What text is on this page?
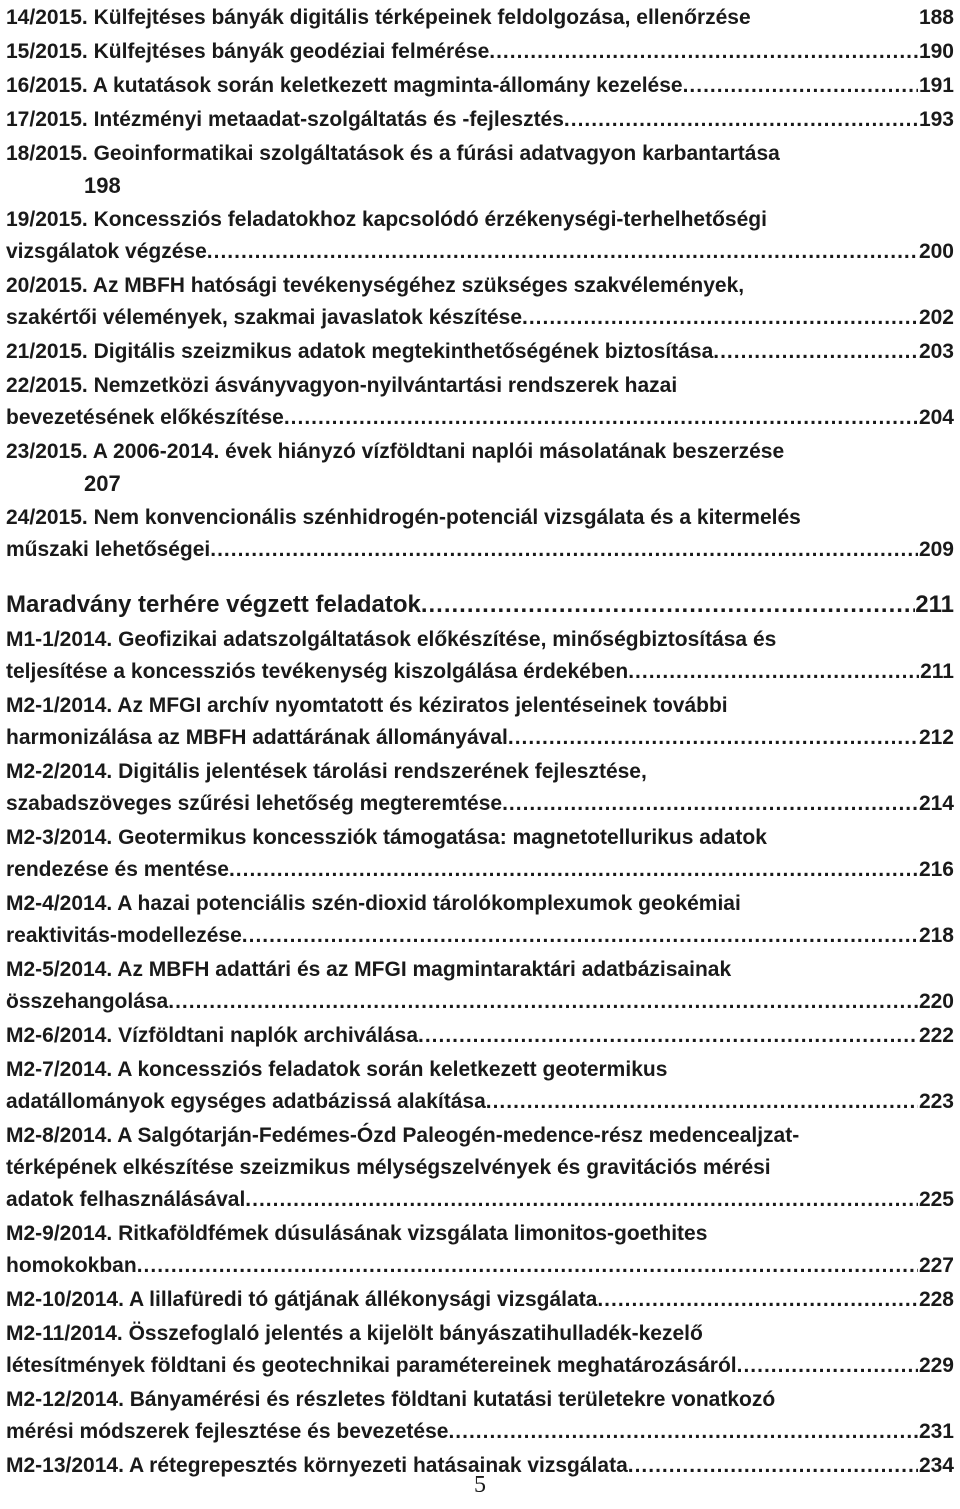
14/2015. Külfejtéses bányák digitális térképeinek feldolgozása, ellenőrzése	188
15/2015. Külfejtéses bányák geodéziai felmérése .....	190
16/2015. A kutatások során keletkezett magminta-állomány kezelése .....	191
17/2015. Intézményi metaadat-szolgáltatás és -fejlesztés .....	193
18/2015. Geoinformatikai szolgáltatások és a fúrási adatvagyon karbantartása
198
19/2015. Koncessziós feladatokhoz kapcsolódó érzékenységi-terhelhetőségi
vizsgálatok végzése .....	200
20/2015. Az MBFH hatósági tevékenységéhez szükséges szakvélemények,
szakértői vélemények, szakmai javaslatok készítése .....	202
21/2015. Digitális szeizmikus adatok megtekinthetőségének biztosítása .....	203
22/2015. Nemzetközi ásványvagyon-nyilvántartási rendszerek hazai
bevezetésének előkészítése .....	204
23/2015. A 2006-2014. évek hiányzó vízföldtani naplói másolatának beszerzése
207
24/2015. Nem konvencionális szénhidrogén-potenciál vizsgálata és a kitermelés
műszaki lehetőségei .....	209
Maradvány terhére végzett feladatok .....	211
M1-1/2014. Geofizikai adatszolgáltatások előkészítése, minőségbiztosítása és
teljesítése a koncessziós tevékenység kiszolgálása érdekében .....	211
M2-1/2014. Az MFGI archív nyomtatott és kéziratos jelentéseinek további
harmonizálása az MBFH adattárának állományával .....	212
M2-2/2014. Digitális jelentések tárolási rendszerének fejlesztése,
szabadszöveges szűrési lehetőség megteremtése .....	214
M2-3/2014. Geotermikus koncessziók támogatása: magnetotellurikus adatok
rendezése és mentése .....	216
M2-4/2014. A hazai potenciális szén-dioxid tárolókomplexumok geokémiai
reaktivitás-modellezése .....	218
M2-5/2014. Az MBFH adattári és az MFGI magmintaraktári adatbázisainak
összehangolása .....	220
M2-6/2014. Vízföldtani naplók archiválása .....	222
M2-7/2014. A koncessziós feladatok során keletkezett geotermikus
adatállományok egységes adatbázissá alakítása .....	223
M2-8/2014. A Salgótarján-Fedémes-Ózd Paleogén-medence-rész medencealjzat-
térképének elkészítése szeizmikus mélységszelvények és gravitációs mérési
adatok felhasználásával .....	225
M2-9/2014. Ritkaföldfémek dúsulásának vizsgálata limonitos-goethites
homokokban .....	227
M2-10/2014. A lillafüredi tó gátjának állékonysági vizsgálata .....	228
M2-11/2014. Összefoglaló jelentés a kijelölt bányászatihulladék-kezelő
létesítmények földtani és geotechnikai paramétereinek meghatározásáról .....	229
M2-12/2014. Bányamérési és részletes földtani kutatási területekre vonatkozó
mérési módszerek fejlesztése és bevezetése .....	231
M2-13/2014. A rétegrepesztés környezeti hatásainak vizsgálata .....	234
5
